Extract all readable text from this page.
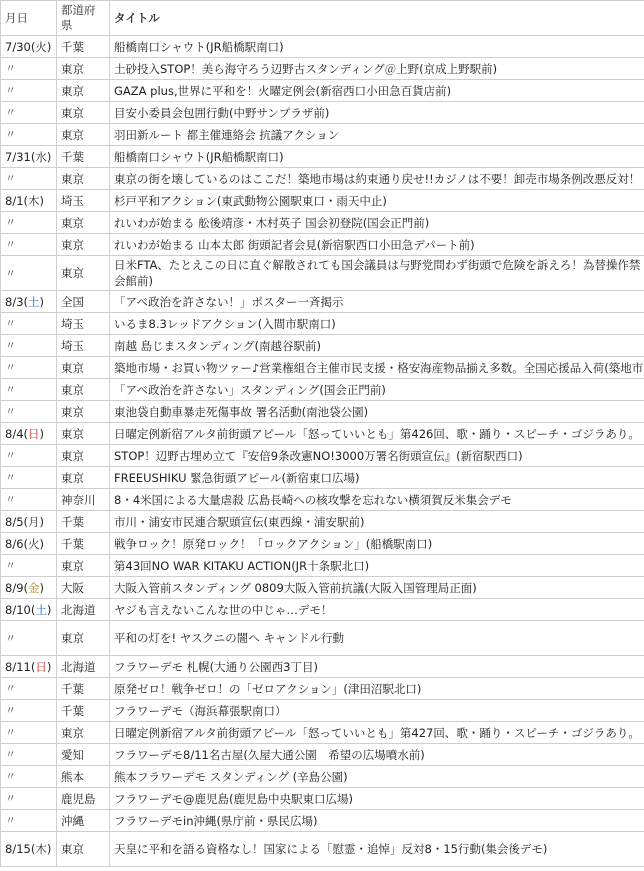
月日	都道府県	タイトル
7/30(火)	千葉	船橋南口シャウト(JR船橋駅南口)
〃	東京	土砂投入STOP！美ら海守ろう辺野古スタンディング＠上野(京成上野駅前)
〃	東京	GAZA plus,世界に平和を！火曜定例会(新宿西口小田急百貨店前)
〃	東京	目安小委員会包囲行動(中野サンプラザ前)
〃	東京	羽田新ルート 都主催連絡会 抗議アクション
7/31(水)	千葉	船橋南口シャウト(JR船橋駅南口)
〃	東京	東京の街を壊しているのはここだ！築地市場は約束通り戻せ!!カジノは不要！卸売市場条例改悪反対！
8/1(木)	埼玉	杉戸平和アクション(東武動物公園駅東口・雨天中止)
〃	東京	れいわが始まる 舩後靖彦・木村英子 国会初登院(国会正門前)
〃	東京	れいわが始まる 山本太郎 街頭記者会見(新宿駅西口小田急デパート前)
〃	東京	日米FTA、たとえこの日に直ぐ解散されても国会議員は与野党問わず街頭で危険を訴えろ！為替操作禁
会館前)

8/3(土)	全国	「アベ政治を許さない！」ポスター一斉掲示
〃	埼玉	いるま8.3レッドアクション(入間市駅南口)
〃	埼玉	南越 島じまスタンディング(南越谷駅前)
〃	東京	築地市場・お買い物ツァー♪営業権組合主催市民支援・格安海産物品揃え多数。全国応援品入荷(築地市
〃	東京	「アベ政治を許さない」スタンディング(国会正門前)
〃	東京	東池袋自動車暴走死傷事故 署名活動(南池袋公園)
8/4(日)	東京	日曜定例新宿アルタ前街頭アピール「怒っていいとも」第426回、歌・踊り・スピーチ・ゴジラあり。
〃	東京	STOP！辺野古埋め立て『安倍9条改憲NO!3000万署名街頭宣伝』(新宿駅西口)
〃	東京	FREEUSHIKU 緊急街頭アピール(新宿東口広場)
〃	神奈川	8・4米国による大量虐殺 広島長崎への核攻撃を忘れない横須賀反米集会デモ
8/5(月)	千葉	市川・浦安市民連合駅頭宣伝(東西線・浦安駅前)
8/6(火)	千葉	戦争ロック！原発ロック！「ロックアクション」(船橋駅南口)
〃	東京	第43回NO WAR KITAKU ACTION(JR十条駅北口)
8/9(金)	大阪	大阪入管前スタンディング 0809大阪入管前抗議(大阪入国管理局正面)
8/10(土)	北海道	ヤジも言えないこんな世の中じゃ…デモ！
〃	東京	平和の灯を! ヤスクニの闇へ キャンドル行動
8/11(日)	北海道	フラワーデモ 札幌(大通り公園西3丁目)
〃	千葉	原発ゼロ！戦争ゼロ！の「ゼロアクション」(津田沼駅北口)
〃	千葉	フラワーデモ（海浜幕張駅南口）
〃	東京	日曜定例新宿アルタ前街頭アピール「怒っていいとも」第427回、歌・踊り・スピーチ・ゴジラあり。
〃	愛知	フラワーデモ8/11名古屋(久屋大通公園　希望の広場噴水前)
〃	熊本	熊本フラワーデモ スタンディング (辛島公園)
〃	鹿児島	フラワーデモ@鹿児島(鹿児島中央駅東口広場)
〃	沖縄	フラワーデモin沖縄(県庁前・県民広場)
8/15(木)	東京	天皇に平和を語る資格なし！国家による「慰霊・追悼」反対8・15行動(集会後デモ)
